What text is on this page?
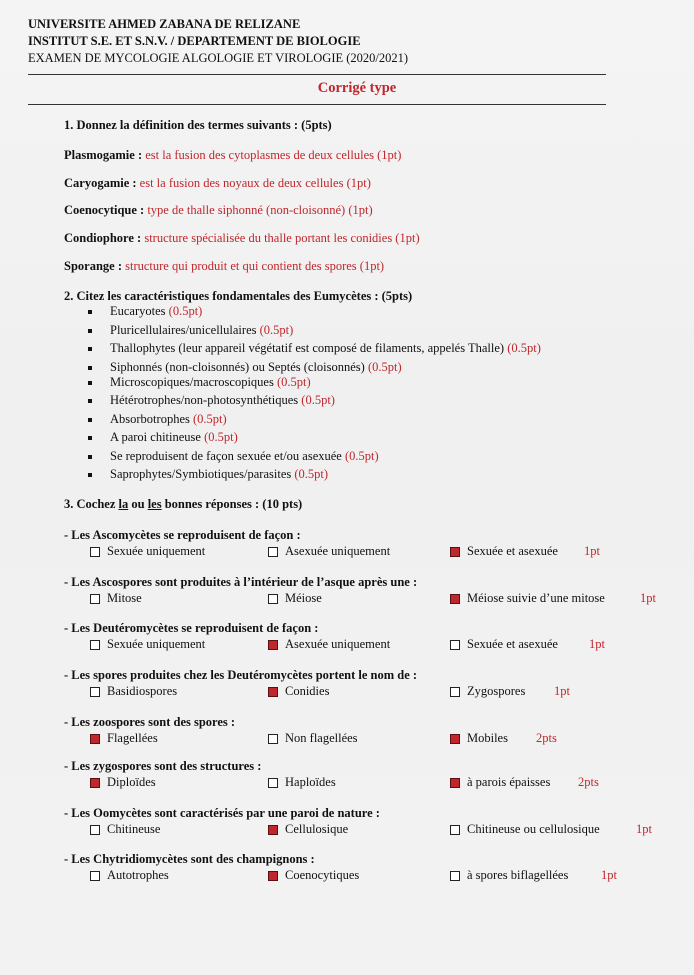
UNIVERSITE AHMED ZABANA DE RELIZANE
INSTITUT S.E. ET S.N.V. / DEPARTEMENT DE BIOLOGIE
EXAMEN DE MYCOLOGIE ALGOLOGIE ET VIROLOGIE (2020/2021)
Corrigé type
1. Donnez la définition des termes suivants : (5pts)
Plasmogamie : est la fusion des cytoplasmes de deux cellules (1pt)
Caryogamie : est la fusion des noyaux de deux cellules (1pt)
Coenocytique : type de thalle siphonné (non-cloisonné) (1pt)
Condiophore : structure spécialisée du thalle portant les conidies (1pt)
Sporange : structure qui produit et qui contient des spores (1pt)
2. Citez les caractéristiques fondamentales des Eumycètes : (5pts)
Eucaryotes (0.5pt)
Pluricellulaires/unicellulaires (0.5pt)
Thallophytes (leur appareil végétatif est composé de filaments, appelés Thalle) (0.5pt)
Siphonnés (non-cloisonnés) ou Septés (cloisonnés) (0.5pt)
Microscopiques/macroscopiques (0.5pt)
Hétérotrophes/non-photosynthétiques (0.5pt)
Absorbotrophes (0.5pt)
A paroi chitineuse (0.5pt)
Se reproduisent de façon sexuée et/ou asexuée (0.5pt)
Saprophytes/Symbiotiques/parasites (0.5pt)
3. Cochez la ou les bonnes réponses : (10 pts)
- Les Ascomycètes se reproduisent de façon :
Sexuée uniquement	Asexuée uniquement	Sexuée et asexuée 1pt
- Les Ascospores sont produites à l’intérieur de l’asque après une :
Mitose	Méiose	Méiose suivie d’une mitose	1pt
- Les Deutéromycètes se reproduisent de façon :
Sexuée uniquement	Asexuée uniquement	Sexuée et asexuée 1pt
- Les spores produites chez les Deutéromycètes portent le nom de :
Basidiospores	Conidies	Zygospores 1pt
- Les zoospores sont des spores :
Flagellées	Non flagellées	Mobiles 2pts
- Les zygospores sont des structures :
Diploïdes	Haploïdes	à parois épaisses 2pts
- Les Oomycètes sont caractérisés par une paroi de nature :
Chitineuse	Cellulosique	Chitineuse ou cellulosique	1pt
- Les Chytridiomycètes sont des champignons :
Autotrophes	Coenocytiques	à spores biflagellées	1pt
